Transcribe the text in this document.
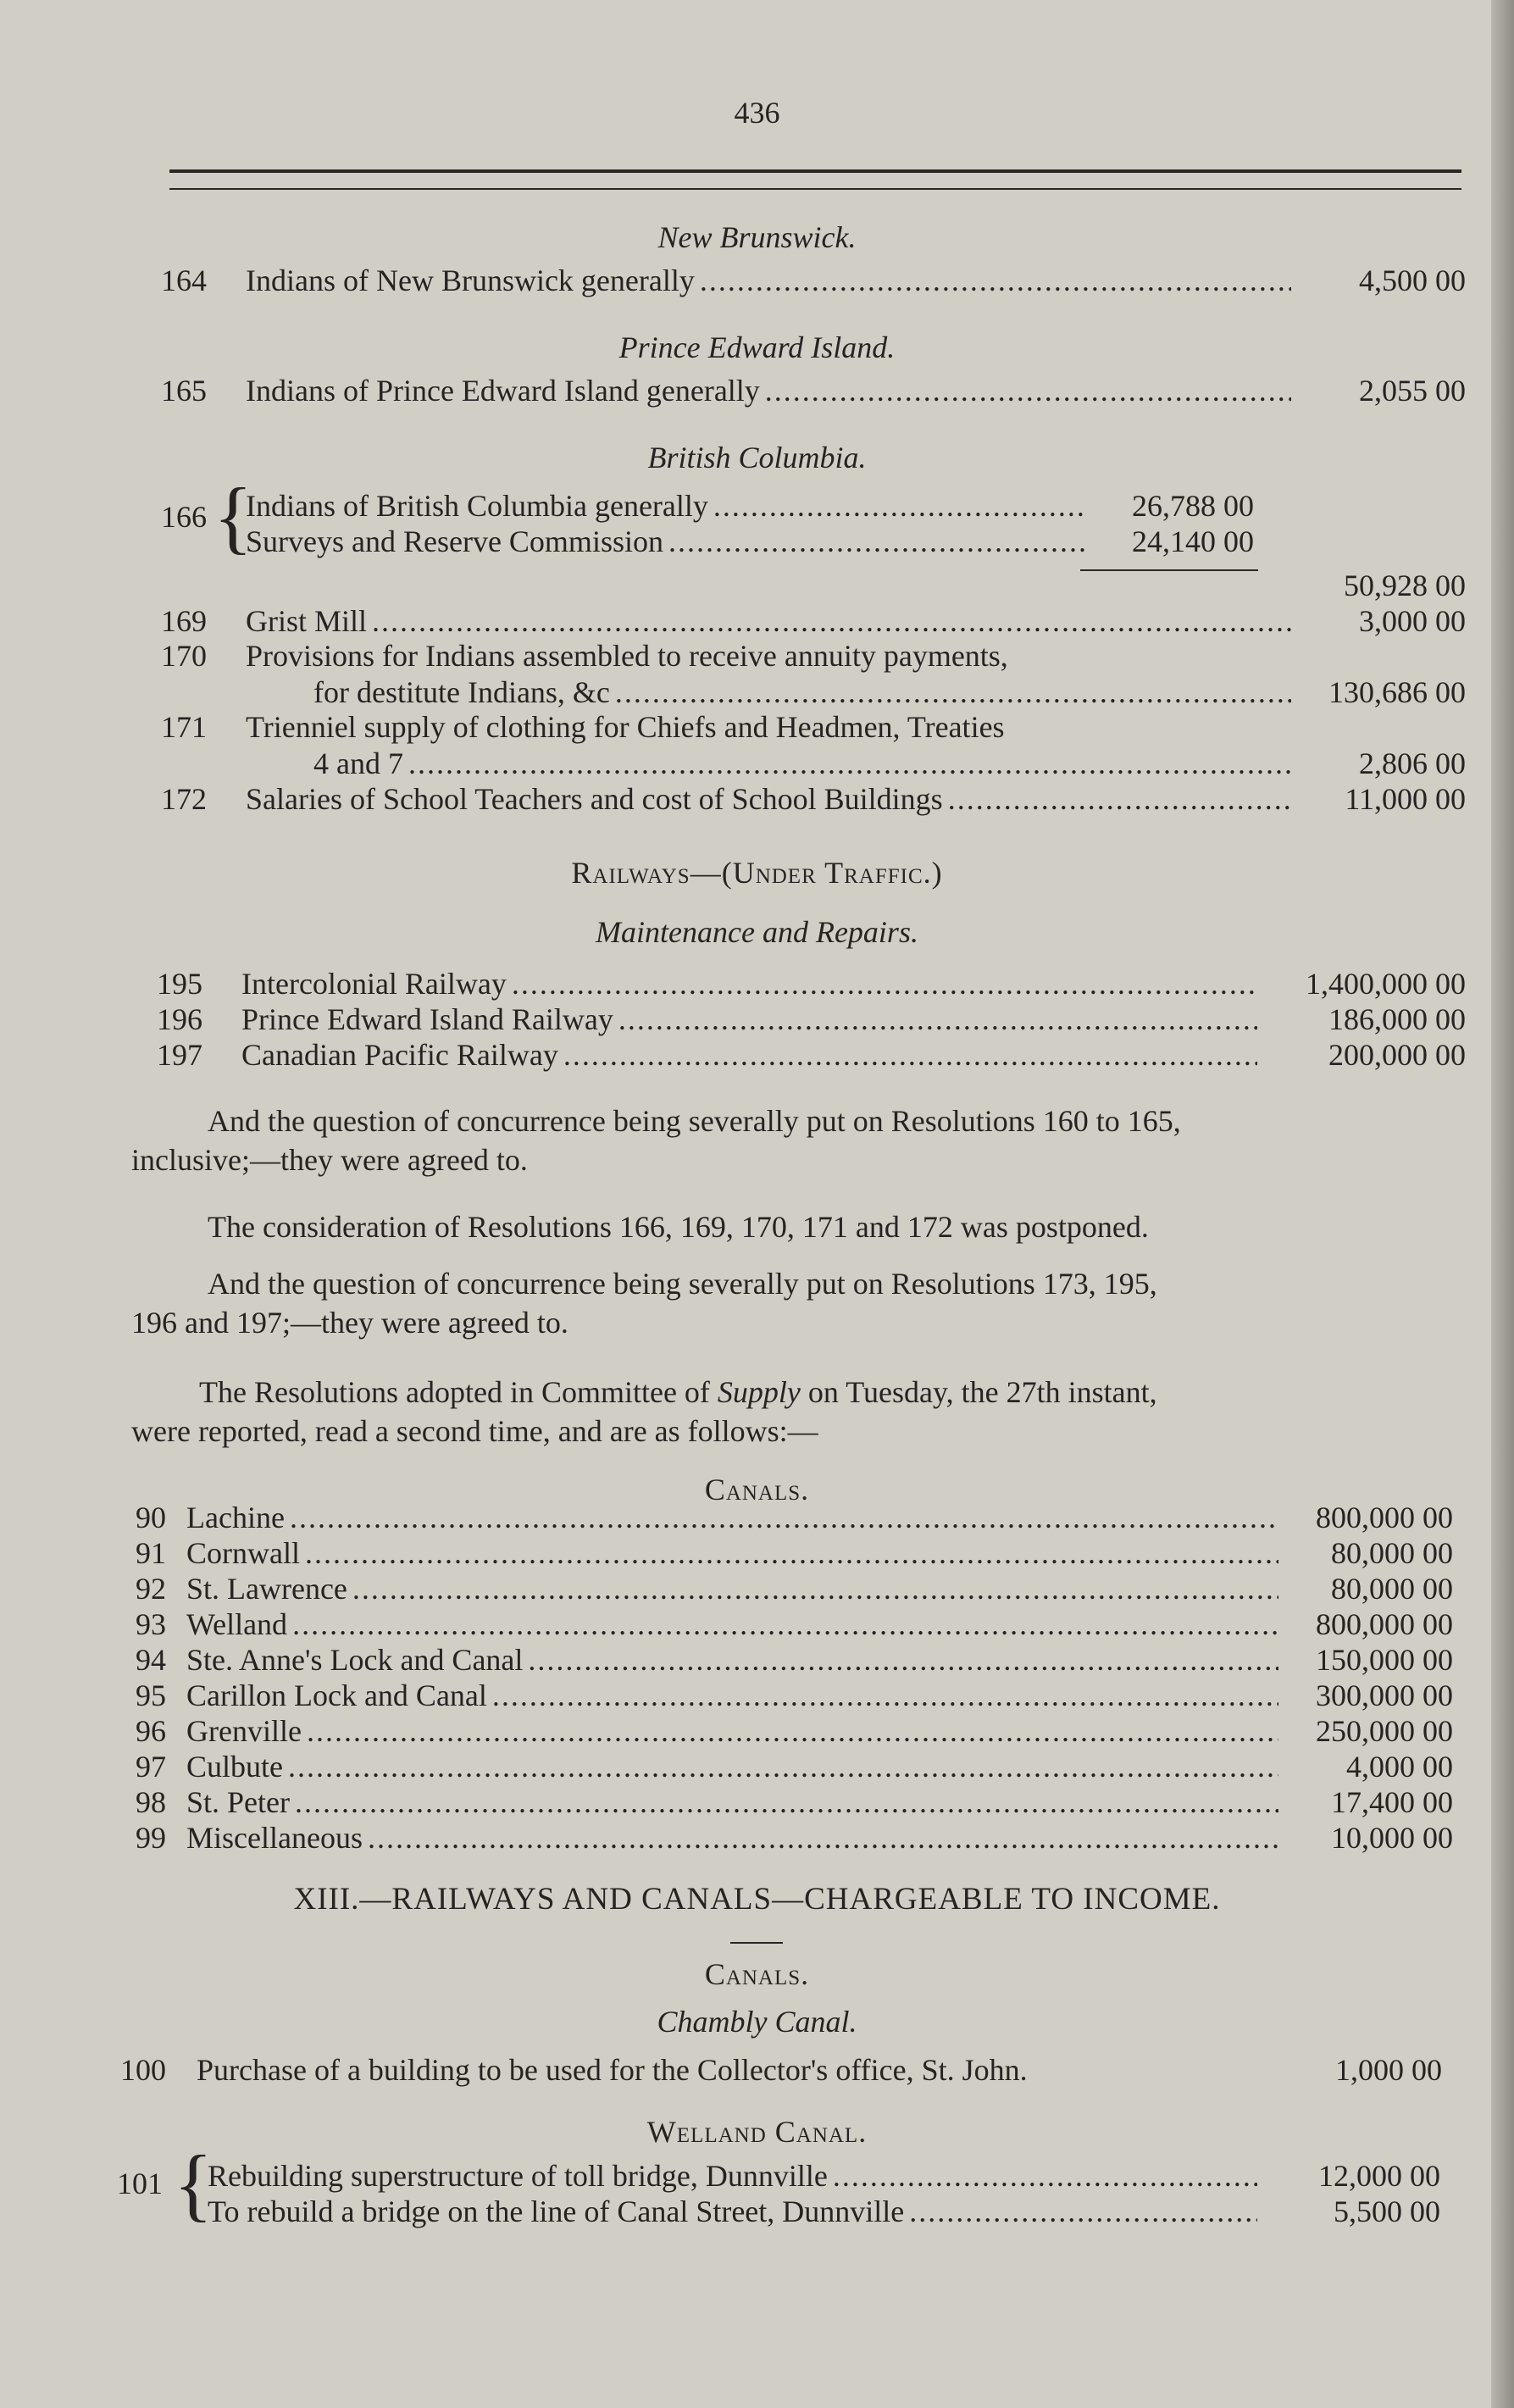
436
New Brunswick.
164	Indians of New Brunswick generally .....	4,500 00
Prince Edward Island.
165	Indians of Prince Edward Island generally .....	2,055 00
British Columbia.
166 {
Indians of British Columbia generally .....	26,788 00
Surveys and Reserve Commission .....	24,140 00
50,928 00
169	Grist Mill .....	3,000 00
170 Provisions for Indians assembled to receive annuity payments,
for destitute Indians, &c .....	130,686 00
171 Trienniel supply of clothing for Chiefs and Headmen, Treaties
4 and 7 .....	2,806 00
172	Salaries of School Teachers and cost of School Buildings .....	11,000 00
Railways—(Under Traffic.)
Maintenance and Repairs.
195	Intercolonial Railway .....	1,400,000 00
196	Prince Edward Island Railway .....	186,000 00
197	Canadian Pacific Railway .....	200,000 00

And the question of concurrence being severally put on Resolutions 160 to 165,

inclusive;—they were agreed to.

The consideration of Resolutions 166, 169, 170, 171 and 172 was postponed.

And the question of concurrence being severally put on Resolutions 173, 195,

196 and 197;—they were agreed to.

The Resolutions adopted in Committee of Supply on Tuesday, the 27th instant,

were reported, read a second time, and are as follows:—

Canals.
90 Lachine .....	800,000 00
91 Cornwall .....	80,000 00
92 St. Lawrence .....	80,000 00
93 Welland .....	800,000 00
94 Ste. Anne's Lock and Canal .....	150,000 00
95 Carillon Lock and Canal .....	300,000 00
96 Grenville .....	250,000 00
97 Culbute .....	4,000 00
98 St. Peter .....	17,400 00
99 Miscellaneous .....	10,000 00
XIII.—RAILWAYS AND CANALS—CHARGEABLE TO INCOME.
Canals.
Chambly Canal.
100	Purchase of a building to be used for the Collector's office, St. John.	1,000 00
Welland Canal.
101 {
Rebuilding superstructure of toll bridge, Dunnville .....	12,000 00
To rebuild a bridge on the line of Canal Street, Dunnville .....	5,500 00
